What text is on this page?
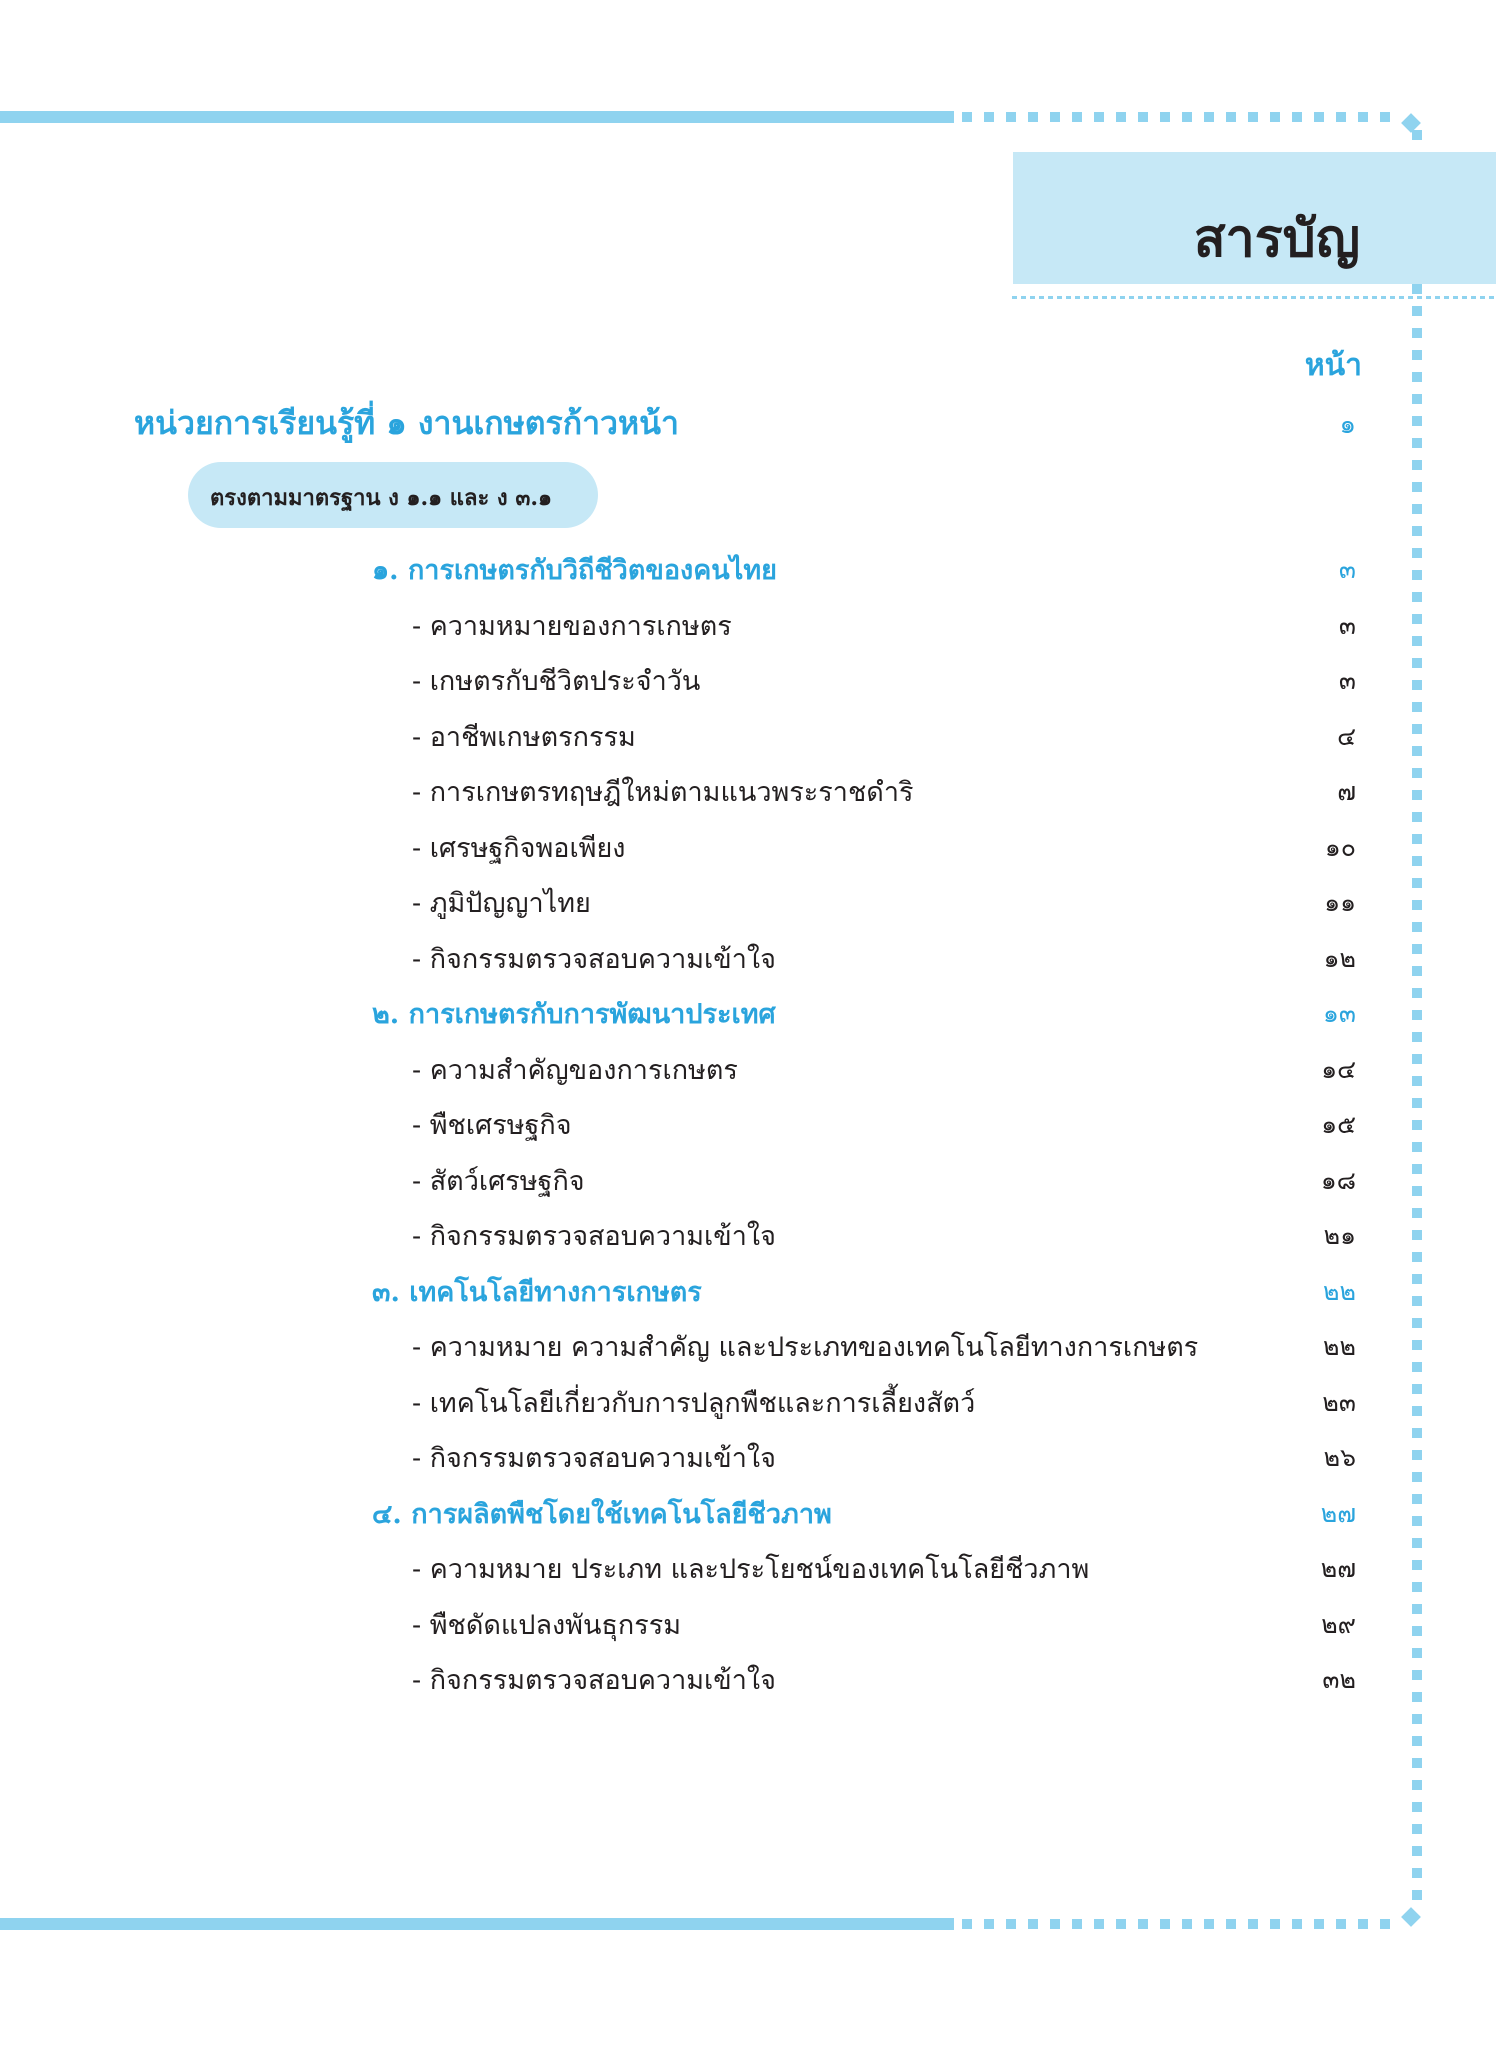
สารบัญ
หน้า
หน่วยการเรียนรู้ที่ ๑ งานเกษตรก้าวหน้า	๑
ตรงตามมาตรฐาน ง ๑.๑ และ ง ๓.๑
๑. การเกษตรกับวิถีชีวิตของคนไทย	๓
- ความหมายของการเกษตร	๓
- เกษตรกับชีวิตประจำวัน	๓
- อาชีพเกษตรกรรม	๔
- การเกษตรทฤษฎีใหม่ตามแนวพระราชดำริ	๗
- เศรษฐกิจพอเพียง	๑๐
- ภูมิปัญญาไทย	๑๑
- กิจกรรมตรวจสอบความเข้าใจ	๑๒
๒. การเกษตรกับการพัฒนาประเทศ	๑๓
- ความสำคัญของการเกษตร	๑๔
- พืชเศรษฐกิจ	๑๕
- สัตว์เศรษฐกิจ	๑๘
- กิจกรรมตรวจสอบความเข้าใจ	๒๑
๓. เทคโนโลยีทางการเกษตร	๒๒
- ความหมาย ความสำคัญ และประเภทของเทคโนโลยีทางการเกษตร	๒๒
- เทคโนโลยีเกี่ยวกับการปลูกพืชและการเลี้ยงสัตว์	๒๓
- กิจกรรมตรวจสอบความเข้าใจ	๒๖
๔. การผลิตพืชโดยใช้เทคโนโลยีชีวภาพ	๒๗
- ความหมาย ประเภท และประโยชน์ของเทคโนโลยีชีวภาพ	๒๗
- พืชดัดแปลงพันธุกรรม	๒๙
- กิจกรรมตรวจสอบความเข้าใจ	๓๒
